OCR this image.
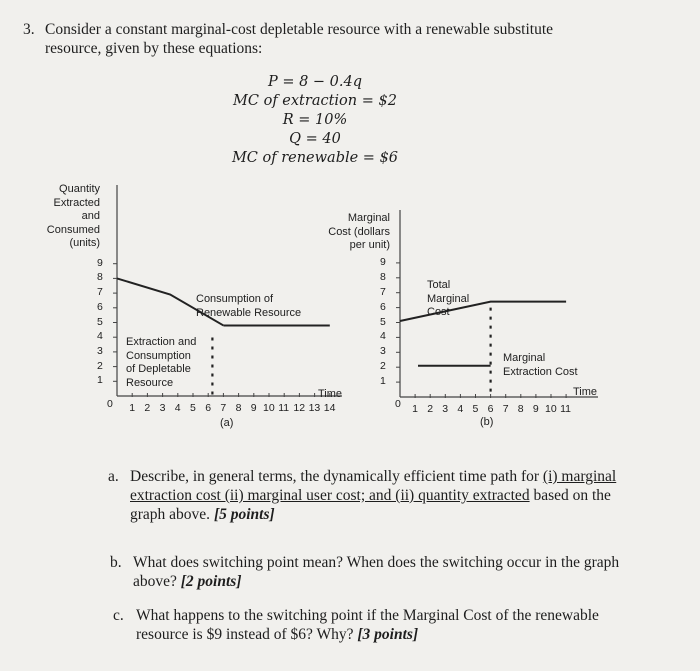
3. Consider a constant marginal-cost depletable resource with a renewable substitute
resource, given by these equations:
P = 8 − 0.4q
MC of extraction = $2
R = 10%
Q = 40
MC of renewable = $6
Quantity
Extracted
and
Consumed
(units)
9
8
7
6
5
4
3
2
1
1 2 3 4 5 6 7 8 9 10 11 12 13 14
0
Time
(a)
Consumption of
Renewable Resource
Extraction and
Consumption
of Depletable
Resource
Marginal
Cost (dollars
per unit)
9
8
7
6
5
4
3
2
1
1 2 3 4 5 6 7 8 9 10 11
0
Time
(b)
Total
Marginal
Cost
Marginal
Extraction Cost
a. Describe, in general terms, the dynamically efficient time path for (i) marginal
extraction cost (ii) marginal user cost; and (ii) quantity extracted based on the
graph above. [5 points]
b. What does switching point mean? When does the switching occur in the graph
above? [2 points]
c. What happens to the switching point if the Marginal Cost of the renewable
resource is $9 instead of $6? Why? [3 points]
